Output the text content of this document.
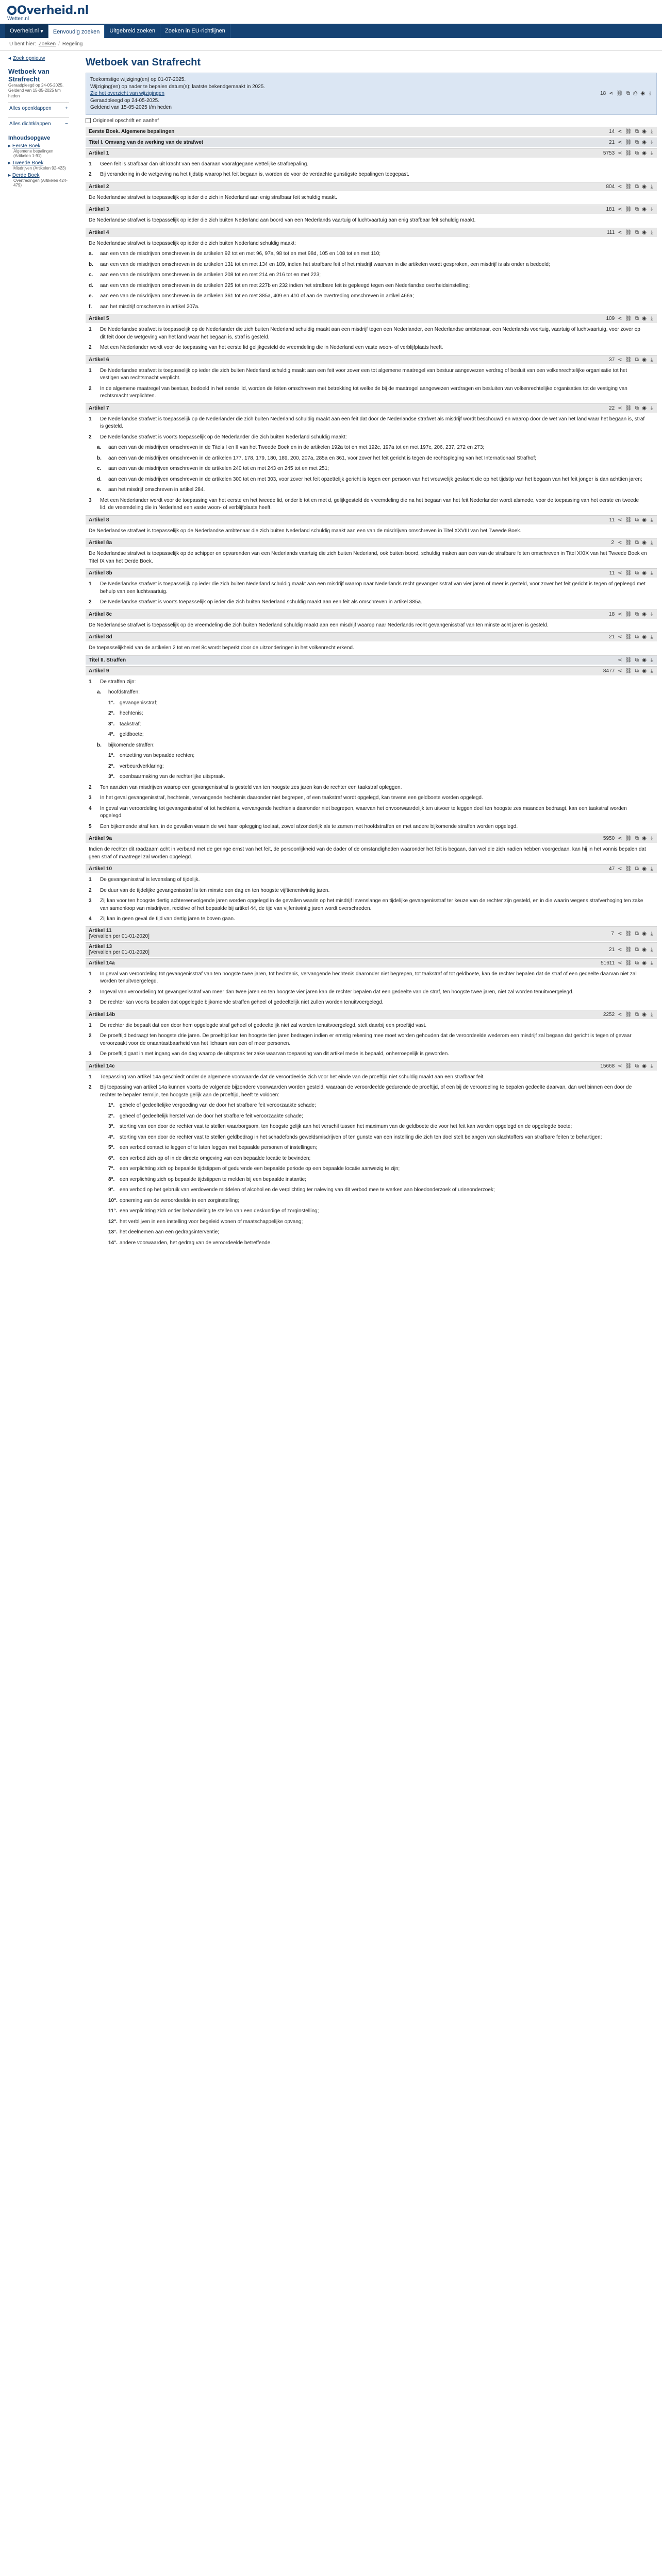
Overheid.nl
Wetten.nl
Overheid.nl ▾	Eenvoudig zoeken	Uitgebreid zoeken	Zoeken in EU-richtlijnen
U bent hier: Zoeken / Regeling
◂ Zoek opnieuw
Wetboek van Strafrecht
Geraadpleegd op 24-05-2025.
Geldend van 15-05-2025 t/m heden
Alles openklappen	+
Alles dichtklappen	−
Inhoudsopgave
▸ Eerste Boek
Algemene bepalingen (Artikelen 1-91)
▸ Tweede Boek
Misdrijven (Artikelen 92-423)
▸ Derde Boek
Overtredingen (Artikelen 424-479)
Wetboek van Strafrecht
Toekomstige wijziging(en) op 01-07-2025.
Wijziging(en) op nader te bepalen datum(s); laatste bekendgemaakt in 2025.
Zie het overzicht van wijzigingen
Geraadpleegd op 24-05-2025.
Geldend van 15-05-2025 t/m heden
18 ⋖ ⛓ ⧉ ⎙ ◉ ⤓
Origineel opschrift en aanhef
Eerste Boek. Algemene bepalingen	14 ⋖ ⛓ ⧉ ◉ ⤓
Titel I. Omvang van de werking van de strafwet	21 ⋖ ⛓ ⧉ ◉ ⤓
Artikel 1	5753 ⋖ ⛓ ⧉ ◉ ⤓
1	Geen feit is strafbaar dan uit kracht van een daaraan voorafgegane wettelijke strafbepaling.
2	Bij verandering in de wetgeving na het tijdstip waarop het feit begaan is, worden de voor de verdachte gunstigste bepalingen toegepast.
Artikel 2	804 ⋖ ⛓ ⧉ ◉ ⤓
De Nederlandse strafwet is toepasselijk op ieder die zich in Nederland aan enig strafbaar feit schuldig maakt.
Artikel 3	181 ⋖ ⛓ ⧉ ◉ ⤓
De Nederlandse strafwet is toepasselijk op ieder die zich buiten Nederland aan boord van een Nederlands vaartuig of luchtvaartuig aan enig strafbaar feit schuldig maakt.
Artikel 4	111 ⋖ ⛓ ⧉ ◉ ⤓
De Nederlandse strafwet is toepasselijk op ieder die zich buiten Nederland schuldig maakt:
a.	aan een van de misdrijven omschreven in de artikelen 92 tot en met 96, 97a, 98 tot en met 98d, 105 en 108 tot en met 110;
b.	aan een van de misdrijven omschreven in de artikelen 131 tot en met 134 en 189, indien het strafbare feit of het misdrijf waarvan in die artikelen wordt gesproken, een misdrijf is als onder a bedoeld;
c.	aan een van de misdrijven omschreven in de artikelen 208 tot en met 214 en 216 tot en met 223;
d.	aan een van de misdrijven omschreven in de artikelen 225 tot en met 227b en 232 indien het strafbare feit is gepleegd tegen een Nederlandse overheidsinstelling;
e.	aan een van de misdrijven omschreven in de artikelen 361 tot en met 385a, 409 en 410 of aan de overtreding omschreven in artikel 466a;
f.	aan het misdrijf omschreven in artikel 207a.
Artikel 5	109 ⋖ ⛓ ⧉ ◉ ⤓
1	De Nederlandse strafwet is toepasselijk op de Nederlander die zich buiten Nederland schuldig maakt aan een misdrijf tegen een Nederlander, een Nederlandse ambtenaar, een Nederlands voertuig, vaartuig of luchtvaartuig, voor zover op dit feit door de wetgeving van het land waar het begaan is, straf is gesteld.
2	Met een Nederlander wordt voor de toepassing van het eerste lid gelijkgesteld de vreemdeling die in Nederland een vaste woon- of verblijfplaats heeft.
Artikel 6	37 ⋖ ⛓ ⧉ ◉ ⤓
1	De Nederlandse strafwet is toepasselijk op ieder die zich buiten Nederland schuldig maakt aan een feit voor zover een tot algemene maatregel van bestuur aangewezen verdrag of besluit van een volkenrechtelijke organisatie tot het vestigen van rechtsmacht verplicht.
2	In de algemene maatregel van bestuur, bedoeld in het eerste lid, worden de feiten omschreven met betrekking tot welke de bij de maatregel aangewezen verdragen en besluiten van volkenrechtelijke organisaties tot de vestiging van rechtsmacht verplichten.
Artikel 7	22 ⋖ ⛓ ⧉ ◉ ⤓
1	De Nederlandse strafwet is toepasselijk op de Nederlander die zich buiten Nederland schuldig maakt aan een feit dat door de Nederlandse strafwet als misdrijf wordt beschouwd en waarop door de wet van het land waar het begaan is, straf is gesteld.
2	De Nederlandse strafwet is voorts toepasselijk op de Nederlander die zich buiten Nederland schuldig maakt:
a.	aan een van de misdrijven omschreven in de Titels I en II van het Tweede Boek en in de artikelen 192a tot en met 192c, 197a tot en met 197c, 206, 237, 272 en 273;
b.	aan een van de misdrijven omschreven in de artikelen 177, 178, 179, 180, 189, 200, 207a, 285a en 361, voor zover het feit gericht is tegen de rechtspleging van het Internationaal Strafhof;
c.	aan een van de misdrijven omschreven in de artikelen 240 tot en met 243 en 245 tot en met 251;
d.	aan een van de misdrijven omschreven in de artikelen 300 tot en met 303, voor zover het feit opzettelijk gericht is tegen een persoon van het vrouwelijk geslacht die op het tijdstip van het begaan van het feit jonger is dan achttien jaren;
e.	aan het misdrijf omschreven in artikel 284.
3	Met een Nederlander wordt voor de toepassing van het eerste en het tweede lid, onder b tot en met d, gelijkgesteld de vreemdeling die na het begaan van het feit Nederlander wordt alsmede, voor de toepassing van het eerste en tweede lid, de vreemdeling die in Nederland een vaste woon- of verblijfplaats heeft.
Artikel 8	11 ⋖ ⛓ ⧉ ◉ ⤓
De Nederlandse strafwet is toepasselijk op de Nederlandse ambtenaar die zich buiten Nederland schuldig maakt aan een van de misdrijven omschreven in Titel XXVIII van het Tweede Boek.
Artikel 8a	2 ⋖ ⛓ ⧉ ◉ ⤓
De Nederlandse strafwet is toepasselijk op de schipper en opvarenden van een Nederlands vaartuig die zich buiten Nederland, ook buiten boord, schuldig maken aan een van de strafbare feiten omschreven in Titel XXIX van het Tweede Boek en Titel IX van het Derde Boek.
Artikel 8b	11 ⋖ ⛓ ⧉ ◉ ⤓
1	De Nederlandse strafwet is toepasselijk op ieder die zich buiten Nederland schuldig maakt aan een misdrijf waarop naar Nederlands recht gevangenisstraf van vier jaren of meer is gesteld, voor zover het feit gericht is tegen of gepleegd met behulp van een luchtvaartuig.
2	De Nederlandse strafwet is voorts toepasselijk op ieder die zich buiten Nederland schuldig maakt aan een feit als omschreven in artikel 385a.
Artikel 8c	18 ⋖ ⛓ ⧉ ◉ ⤓
De Nederlandse strafwet is toepasselijk op de vreemdeling die zich buiten Nederland schuldig maakt aan een misdrijf waarop naar Nederlands recht gevangenisstraf van ten minste acht jaren is gesteld.
Artikel 8d	21 ⋖ ⛓ ⧉ ◉ ⤓
De toepasselijkheid van de artikelen 2 tot en met 8c wordt beperkt door de uitzonderingen in het volkenrecht erkend.
Titel II. Straffen	⋖ ⛓ ⧉ ◉ ⤓
Artikel 9	8477 ⋖ ⛓ ⧉ ◉ ⤓
1	De straffen zijn:
a.	hoofdstraffen:
1°. gevangenisstraf;
2°. hechtenis;
3°. taakstraf;
4°. geldboete;
b.	bijkomende straffen:
1°. ontzetting van bepaalde rechten;
2°. verbeurdverklaring;
3°. openbaarmaking van de rechterlijke uitspraak.
2	Ten aanzien van misdrijven waarop een gevangenisstraf is gesteld van ten hoogste zes jaren kan de rechter een taakstraf opleggen.
3	In het geval gevangenisstraf, hechtenis, vervangende hechtenis daaronder niet begrepen, of een taakstraf wordt opgelegd, kan tevens een geldboete worden opgelegd.
4	In geval van veroordeling tot gevangenisstraf of tot hechtenis, vervangende hechtenis daaronder niet begrepen, waarvan het onvoorwaardelijk ten uitvoer te leggen deel ten hoogste zes maanden bedraagt, kan een taakstraf worden opgelegd.
5	Een bijkomende straf kan, in de gevallen waarin de wet haar oplegging toelaat, zowel afzonderlijk als te zamen met hoofdstraffen en met andere bijkomende straffen worden opgelegd.
Artikel 9a	5950 ⋖ ⛓ ⧉ ◉ ⤓
Indien de rechter dit raadzaam acht in verband met de geringe ernst van het feit, de persoonlijkheid van de dader of de omstandigheden waaronder het feit is begaan, dan wel die zich nadien hebben voorgedaan, kan hij in het vonnis bepalen dat geen straf of maatregel zal worden opgelegd.
Artikel 10	47 ⋖ ⛓ ⧉ ◉ ⤓
1	De gevangenisstraf is levenslang of tijdelijk.
2	De duur van de tijdelijke gevangenisstraf is ten minste een dag en ten hoogste vijftienentwintig jaren.
3	Zij kan voor ten hoogste dertig achtereenvolgende jaren worden opgelegd in de gevallen waarin op het misdrijf levenslange en tijdelijke gevangenisstraf ter keuze van de rechter zijn gesteld, en in die waarin wegens strafverhoging ten zake van samenloop van misdrijven, recidive of het bepaalde bij artikel 44, de tijd van vijfentwintig jaren wordt overschreden.
4	Zij kan in geen geval de tijd van dertig jaren te boven gaan.
Artikel 11
[Vervallen per 01-01-2020]	7 ⋖ ⛓ ⧉ ◉ ⤓
Artikel 13
[Vervallen per 01-01-2020]	21 ⋖ ⛓ ⧉ ◉ ⤓
Artikel 14a	51611 ⋖ ⛓ ⧉ ◉ ⤓
1	In geval van veroordeling tot gevangenisstraf van ten hoogste twee jaren, tot hechtenis, vervangende hechtenis daaronder niet begrepen, tot taakstraf of tot geldboete, kan de rechter bepalen dat de straf of een gedeelte daarvan niet zal worden tenuitvoergelegd.
2	Ingeval van veroordeling tot gevangenisstraf van meer dan twee jaren en ten hoogste vier jaren kan de rechter bepalen dat een gedeelte van de straf, ten hoogste twee jaren, niet zal worden tenuitvoergelegd.
3	De rechter kan voorts bepalen dat opgelegde bijkomende straffen geheel of gedeeltelijk niet zullen worden tenuitvoergelegd.
Artikel 14b	2252 ⋖ ⛓ ⧉ ◉ ⤓
1	De rechter die bepaalt dat een door hem opgelegde straf geheel of gedeeltelijk niet zal worden tenuitvoergelegd, stelt daarbij een proeftijd vast.
2	De proeftijd bedraagt ten hoogste drie jaren. De proeftijd kan ten hoogste tien jaren bedragen indien er ernstig rekening mee moet worden gehouden dat de veroordeelde wederom een misdrijf zal begaan dat gericht is tegen of gevaar veroorzaakt voor de onaantastbaarheid van het lichaam van een of meer personen.
3	De proeftijd gaat in met ingang van de dag waarop de uitspraak ter zake waarvan toepassing van dit artikel mede is bepaald, onherroepelijk is geworden.
Artikel 14c	15668 ⋖ ⛓ ⧉ ◉ ⤓
1	Toepassing van artikel 14a geschiedt onder de algemene voorwaarde dat de veroordeelde zich voor het einde van de proeftijd niet schuldig maakt aan een strafbaar feit.
2	Bij toepassing van artikel 14a kunnen voorts de volgende bijzondere voorwaarden worden gesteld, waaraan de veroordeelde gedurende de proeftijd, of een bij de veroordeling te bepalen gedeelte daarvan, dan wel binnen een door de rechter te bepalen termijn, ten hoogste gelijk aan de proeftijd, heeft te voldoen:
1°. gehele of gedeeltelijke vergoeding van de door het strafbare feit veroorzaakte schade;
2°. geheel of gedeeltelijk herstel van de door het strafbare feit veroorzaakte schade;
3°. storting van een door de rechter vast te stellen waarborgsom, ten hoogste gelijk aan het verschil tussen het maximum van de geldboete die voor het feit kan worden opgelegd en de opgelegde boete;
4°. storting van een door de rechter vast te stellen geldbedrag in het schadefonds geweldsmisdrijven of ten gunste van een instelling die zich ten doel stelt belangen van slachtoffers van strafbare feiten te behartigen;
5°. een verbod contact te leggen of te laten leggen met bepaalde personen of instellingen;
6°. een verbod zich op of in de directe omgeving van een bepaalde locatie te bevinden;
7°. een verplichting zich op bepaalde tijdstippen of gedurende een bepaalde periode op een bepaalde locatie aanwezig te zijn;
8°. een verplichting zich op bepaalde tijdstippen te melden bij een bepaalde instantie;
9°. een verbod op het gebruik van verdovende middelen of alcohol en de verplichting ter naleving van dit verbod mee te werken aan bloedonderzoek of urineonderzoek;
10°. opneming van de veroordeelde in een zorginstelling;
11°. een verplichting zich onder behandeling te stellen van een deskundige of zorginstelling;
12°. het verblijven in een instelling voor begeleid wonen of maatschappelijke opvang;
13°. het deelnemen aan een gedragsinterventie;
14°. andere voorwaarden, het gedrag van de veroordeelde betreffende.
